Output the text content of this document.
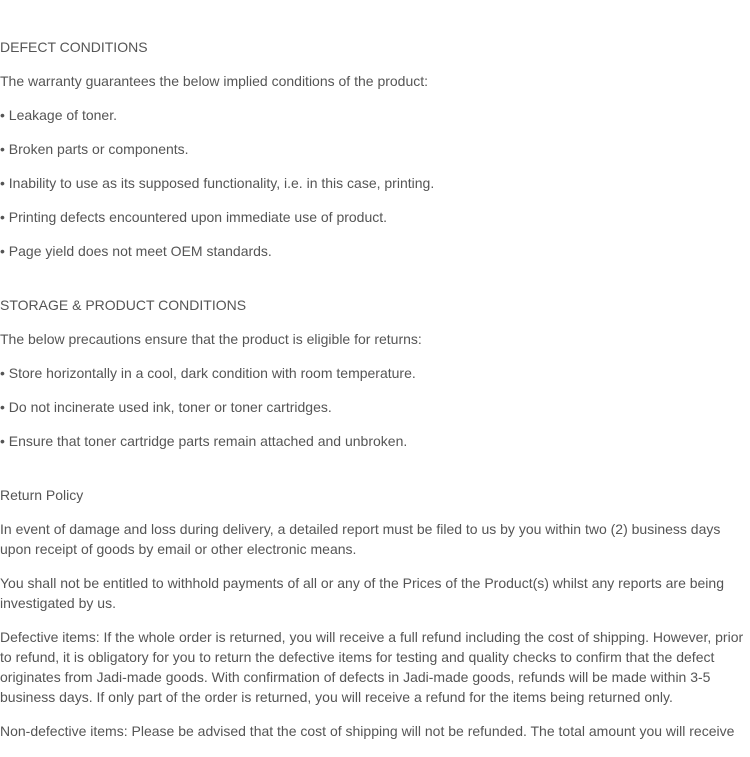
DEFECT CONDITIONS

The warranty guarantees the below implied conditions of the product:

• Leakage of toner.

• Broken parts or components.

• Inability to use as its supposed functionality, i.e. in this case, printing.

• Printing defects encountered upon immediate use of product.

• Page yield does not meet OEM standards.

STORAGE & PRODUCT CONDITIONS

The below precautions ensure that the product is eligible for returns:

• Store horizontally in a cool, dark condition with room temperature.

• Do not incinerate used ink, toner or toner cartridges.

• Ensure that toner cartridge parts remain attached and unbroken.

Return Policy

In event of damage and loss during delivery, a detailed report must be filed to us by you within two (2) business days upon receipt of goods by email or other electronic means.

You shall not be entitled to withhold payments of all or any of the Prices of the Product(s) whilst any reports are being investigated by us.

Defective items: If the whole order is returned, you will receive a full refund including the cost of shipping. However, prior to refund, it is obligatory for you to return the defective items for testing and quality checks to confirm that the defect originates from Jadi-made goods. With confirmation of defects in Jadi-made goods, refunds will be made within 3-5 business days. If only part of the order is returned, you will receive a refund for the items being returned only.

Non-defective items: Please be advised that the cost of shipping will not be refunded. The total amount you will receive
